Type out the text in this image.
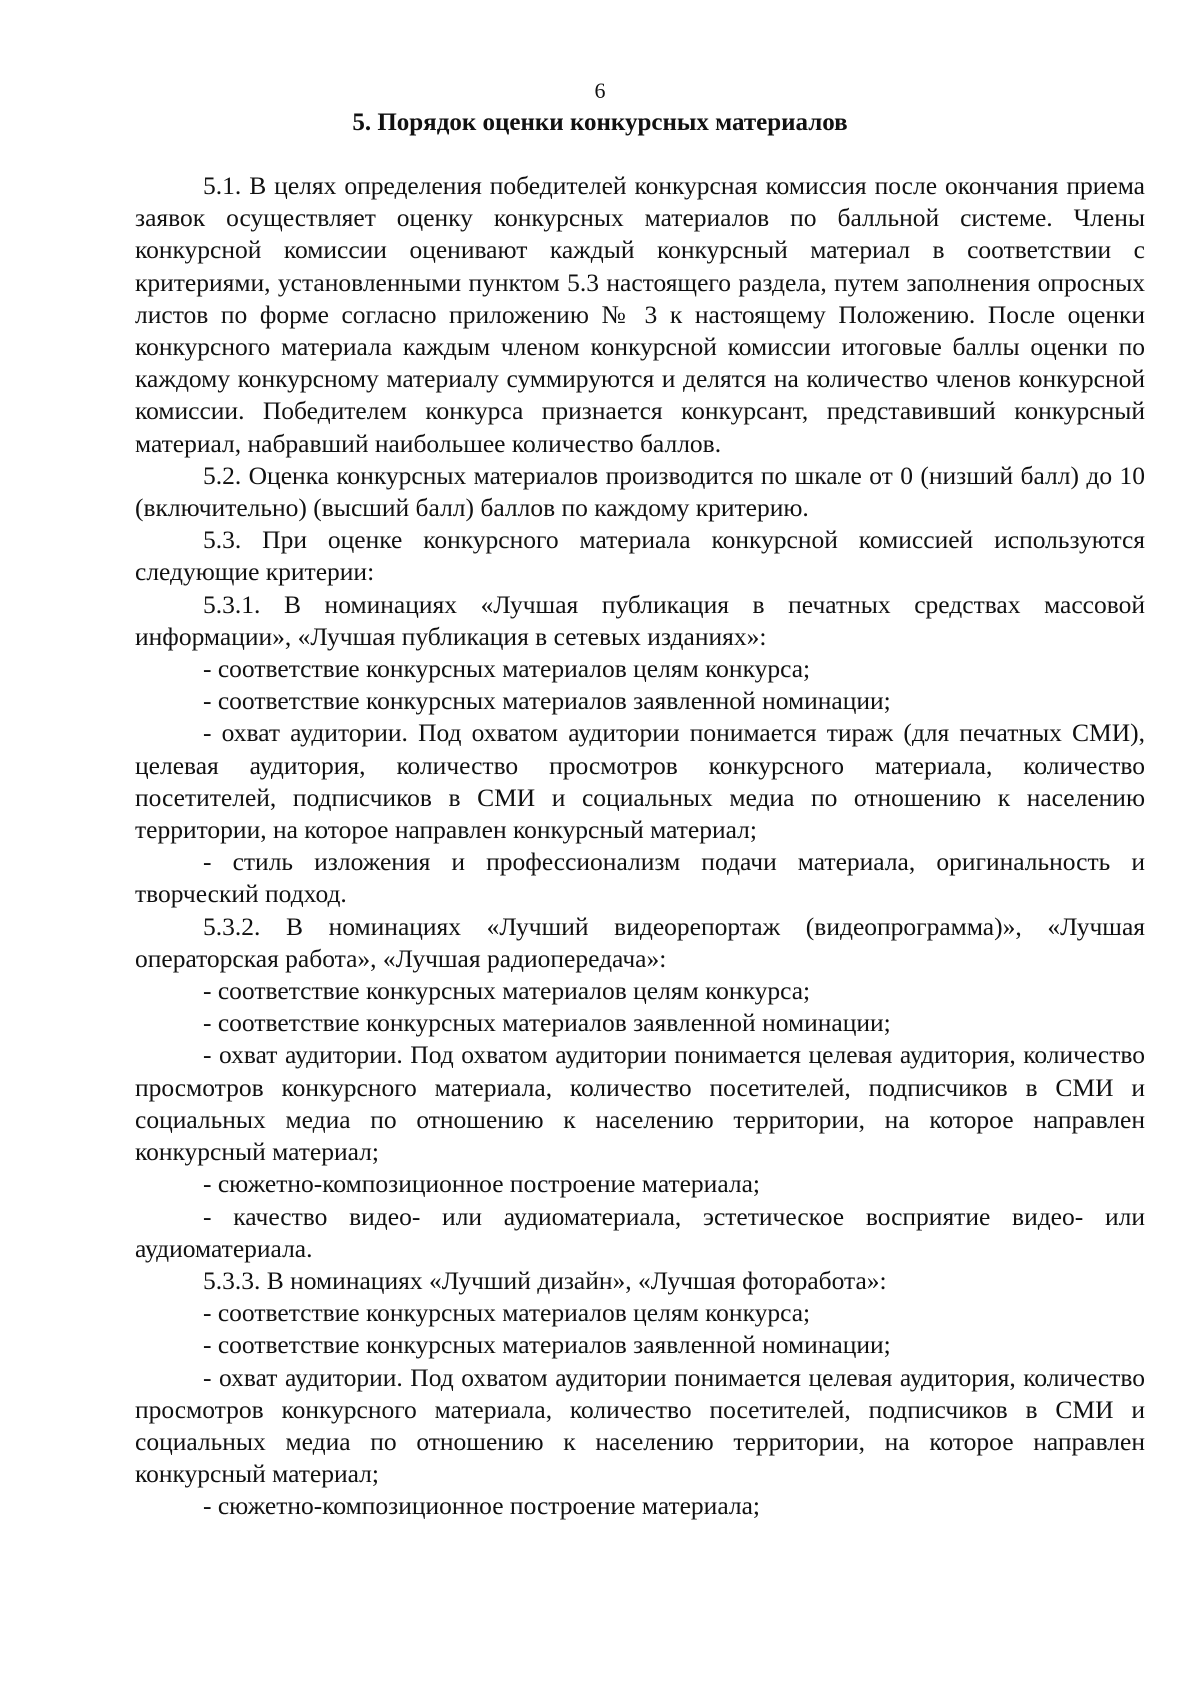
6
5. Порядок оценки конкурсных материалов

5.1. В целях определения победителей конкурсная комиссия после окончания приема заявок осуществляет оценку конкурсных материалов по балльной системе. Члены конкурсной комиссии оценивают каждый конкурсный материал в соответствии с критериями, установленными пунктом 5.3 настоящего раздела, путем заполнения опросных листов по форме согласно приложению № 3 к настоящему Положению. После оценки конкурсного материала каждым членом конкурсной комиссии итоговые баллы оценки по каждому конкурсному материалу суммируются и делятся на количество членов конкурсной комиссии. Победителем конкурса признается конкурсант, представивший конкурсный материал, набравший наибольшее количество баллов.

5.2. Оценка конкурсных материалов производится по шкале от 0 (низший балл) до 10 (включительно) (высший балл) баллов по каждому критерию.

5.3. При оценке конкурсного материала конкурсной комиссией используются следующие критерии:

5.3.1. В номинациях «Лучшая публикация в печатных средствах массовой информации», «Лучшая публикация в сетевых изданиях»:

- соответствие конкурсных материалов целям конкурса;

- соответствие конкурсных материалов заявленной номинации;

- охват аудитории. Под охватом аудитории понимается тираж (для печатных СМИ), целевая аудитория, количество просмотров конкурсного материала, количество посетителей, подписчиков в СМИ и социальных медиа по отношению к населению территории, на которое направлен конкурсный материал;

- стиль изложения и профессионализм подачи материала, оригинальность и творческий подход.

5.3.2. В номинациях «Лучший видеорепортаж (видеопрограмма)», «Лучшая операторская работа», «Лучшая радиопередача»:

- соответствие конкурсных материалов целям конкурса;

- соответствие конкурсных материалов заявленной номинации;

- охват аудитории. Под охватом аудитории понимается целевая аудитория, количество просмотров конкурсного материала, количество посетителей, подписчиков в СМИ и социальных медиа по отношению к населению территории, на которое направлен конкурсный материал;

- сюжетно-композиционное построение материала;

- качество видео- или аудиоматериала, эстетическое восприятие видео- или аудиоматериала.

5.3.3. В номинациях «Лучший дизайн», «Лучшая фоторабота»:

- соответствие конкурсных материалов целям конкурса;

- соответствие конкурсных материалов заявленной номинации;

- охват аудитории. Под охватом аудитории понимается целевая аудитория, количество просмотров конкурсного материала, количество посетителей, подписчиков в СМИ и социальных медиа по отношению к населению территории, на которое направлен конкурсный материал;

- сюжетно-композиционное построение материала;
